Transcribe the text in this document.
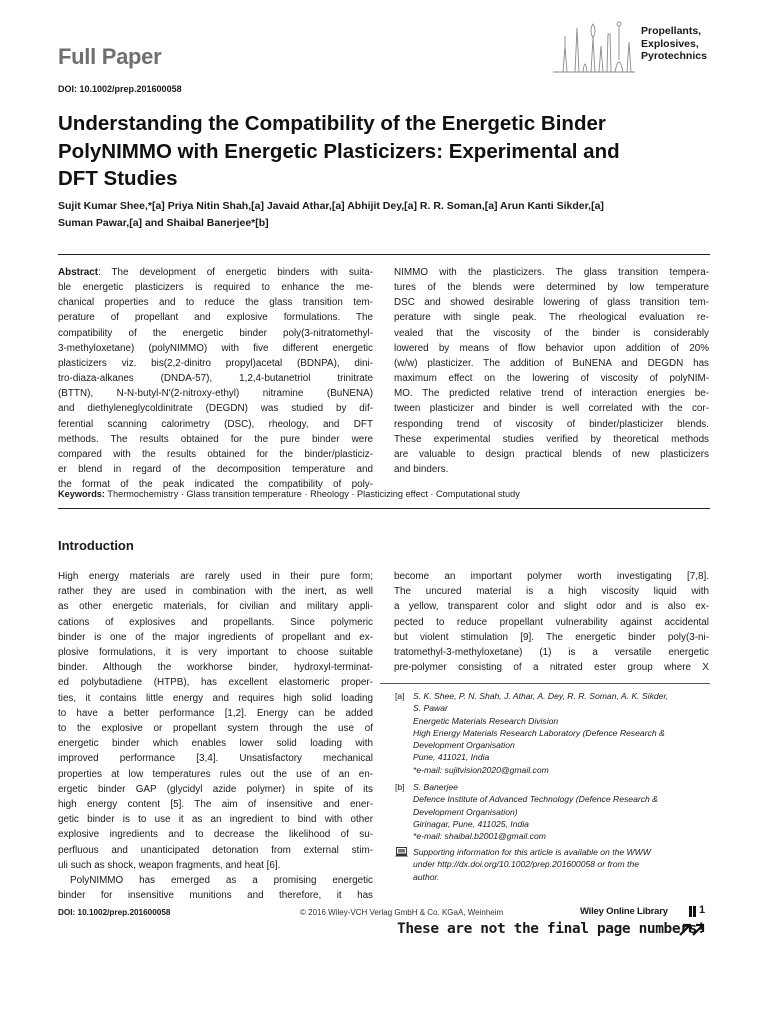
Full Paper
Propellants,
Explosives,
Pyrotechnics
DOI: 10.1002/prep.201600058
Understanding the Compatibility of the Energetic Binder
PolyNIMMO with Energetic Plasticizers: Experimental and
DFT Studies
Sujit Kumar Shee,*[a] Priya Nitin Shah,[a] Javaid Athar,[a] Abhijit Dey,[a] R. R. Soman,[a] Arun Kanti Sikder,[a]
Suman Pawar,[a] and Shaibal Banerjee*[b]
Abstract: The development of energetic binders with suita-
ble energetic plasticizers is required to enhance the me-
chanical properties and to reduce the glass transition tem-
perature of propellant and explosive formulations. The
compatibility of the energetic binder poly(3-nitratomethyl-
3-methyloxetane) (polyNIMMO) with five different energetic
plasticizers viz. bis(2,2-dinitro propyl)acetal (BDNPA), dini-
tro-diaza-alkanes (DNDA-57), 1,2,4-butanetriol trinitrate
(BTTN), N-N-butyl-N'(2-nitroxy-ethyl) nitramine (BuNENA)
and diethyleneglycoldinitrate (DEGDN) was studied by dif-
ferential scanning calorimetry (DSC), rheology, and DFT
methods. The results obtained for the pure binder were
compared with the results obtained for the binder/plasticiz-
er blend in regard of the decomposition temperature and
the format of the peak indicated the compatibility of poly-
NIMMO with the plasticizers. The glass transition tempera-
tures of the blends were determined by low temperature
DSC and showed desirable lowering of glass transition tem-
perature with single peak. The rheological evaluation re-
vealed that the viscosity of the binder is considerably
lowered by means of flow behavior upon addition of 20%
(w/w) plasticizer. The addition of BuNENA and DEGDN has
maximum effect on the lowering of viscosity of polyNIM-
MO. The predicted relative trend of interaction energies be-
tween plasticizer and binder is well correlated with the cor-
responding trend of viscosity of binder/plasticizer blends.
These experimental studies verified by theoretical methods
are valuable to design practical blends of new plasticizers
and binders.
Keywords: Thermochemistry · Glass transition temperature · Rheology · Plasticizing effect · Computational study
Introduction
High energy materials are rarely used in their pure form;
rather they are used in combination with the inert, as well
as other energetic materials, for civilian and military appli-
cations of explosives and propellants. Since polymeric
binder is one of the major ingredients of propellant and ex-
plosive formulations, it is very important to choose suitable
binder. Although the workhorse binder, hydroxyl-terminat-
ed polybutadiene (HTPB), has excellent elastomeric proper-
ties, it contains little energy and requires high solid loading
to have a better performance [1,2]. Energy can be added
to the explosive or propellant system through the use of
energetic binder which enables lower solid loading with
improved performance [3,4]. Unsatisfactory mechanical
properties at low temperatures rules out the use of an en-
ergetic binder GAP (glycidyl azide polymer) in spite of its
high energy content [5]. The aim of insensitive and ener-
getic binder is to use it as an ingredient to bind with other
explosive ingredients and to decrease the likelihood of su-
perfluous and unanticipated detonation from external stim-
uli such as shock, weapon fragments, and heat [6].
PolyNIMMO has emerged as a promising energetic
binder for insensitive munitions and therefore, it has
become an important polymer worth investigating [7,8].
The uncured material is a high viscosity liquid with
a yellow, transparent color and slight odor and is also ex-
pected to reduce propellant vulnerability against accidental
but violent stimulation [9]. The energetic binder poly(3-ni-
tratomethyl-3-methyloxetane) (1) is a versatile energetic
pre-polymer consisting of a nitrated ester group where X
[a] S. K. Shee, P. N. Shah, J. Athar, A. Dey, R. R. Soman, A. K. Sikder,
S. Pawar
Energetic Materials Research Division
High Energy Materials Research Laboratory (Defence Research &
Development Organisation
Pune, 411021, India
*e-mail: sujitvision2020@gmail.com
[b] S. Banerjee
Defence Institute of Advanced Technology (Defence Research &
Development Organisation)
Girinagar, Pune, 411025, India
*e-mail: shaibal.b2001@gmail.com
Supporting information for this article is available on the WWW
under http://dx.doi.org/10.1002/prep.201600058 or from the
author.
DOI: 10.1002/prep.201600058	© 2016 Wiley-VCH Verlag GmbH & Co. KGaA, Weinheim	Wiley Online Library	1
These are not the final page numbers!
